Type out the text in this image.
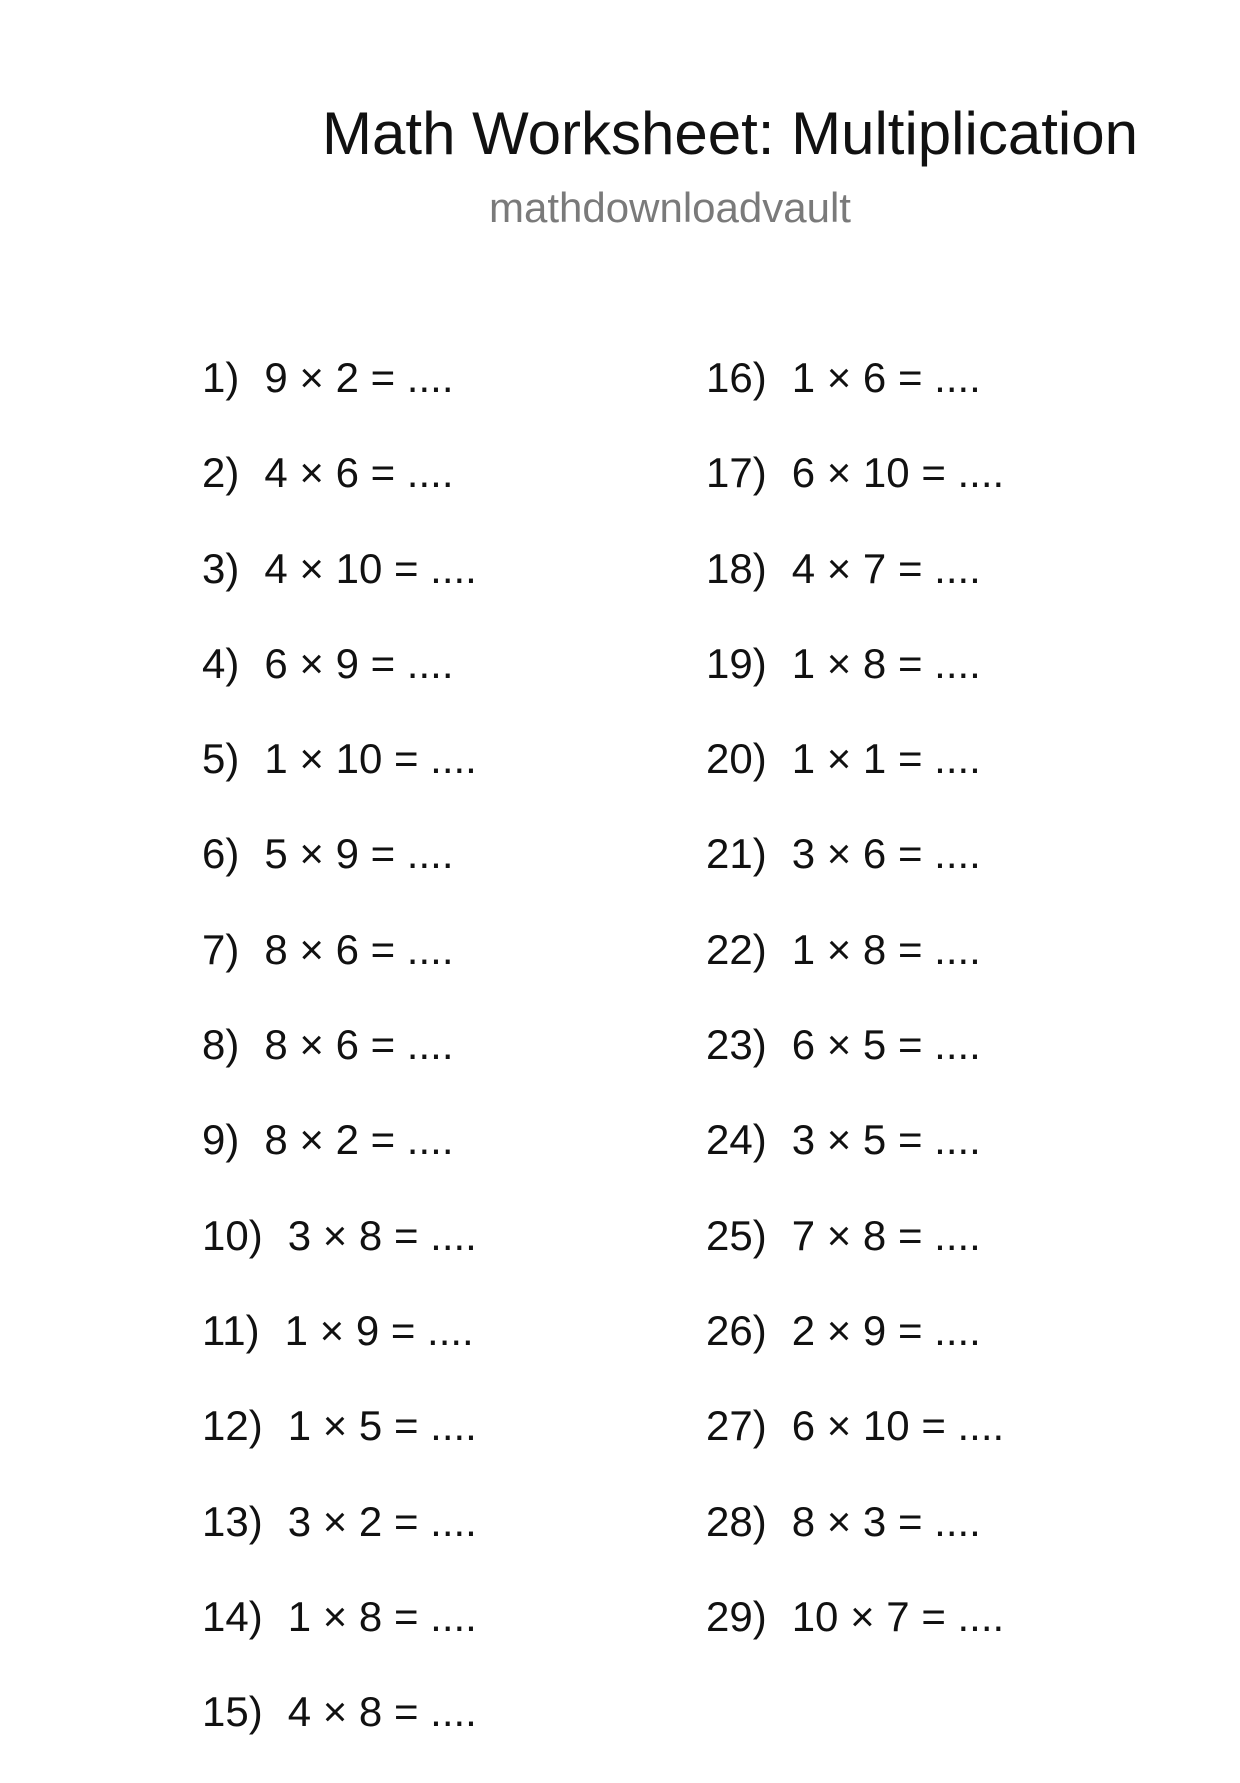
Math Worksheet: Multiplication
mathdownloadvault
1) 9 × 2 = ....
2) 4 × 6 = ....
3) 4 × 10 = ....
4) 6 × 9 = ....
5) 1 × 10 = ....
6) 5 × 9 = ....
7) 8 × 6 = ....
8) 8 × 6 = ....
9) 8 × 2 = ....
10) 3 × 8 = ....
11) 1 × 9 = ....
12) 1 × 5 = ....
13) 3 × 2 = ....
14) 1 × 8 = ....
15) 4 × 8 = ....
16) 1 × 6 = ....
17) 6 × 10 = ....
18) 4 × 7 = ....
19) 1 × 8 = ....
20) 1 × 1 = ....
21) 3 × 6 = ....
22) 1 × 8 = ....
23) 6 × 5 = ....
24) 3 × 5 = ....
25) 7 × 8 = ....
26) 2 × 9 = ....
27) 6 × 10 = ....
28) 8 × 3 = ....
29) 10 × 7 = ....
